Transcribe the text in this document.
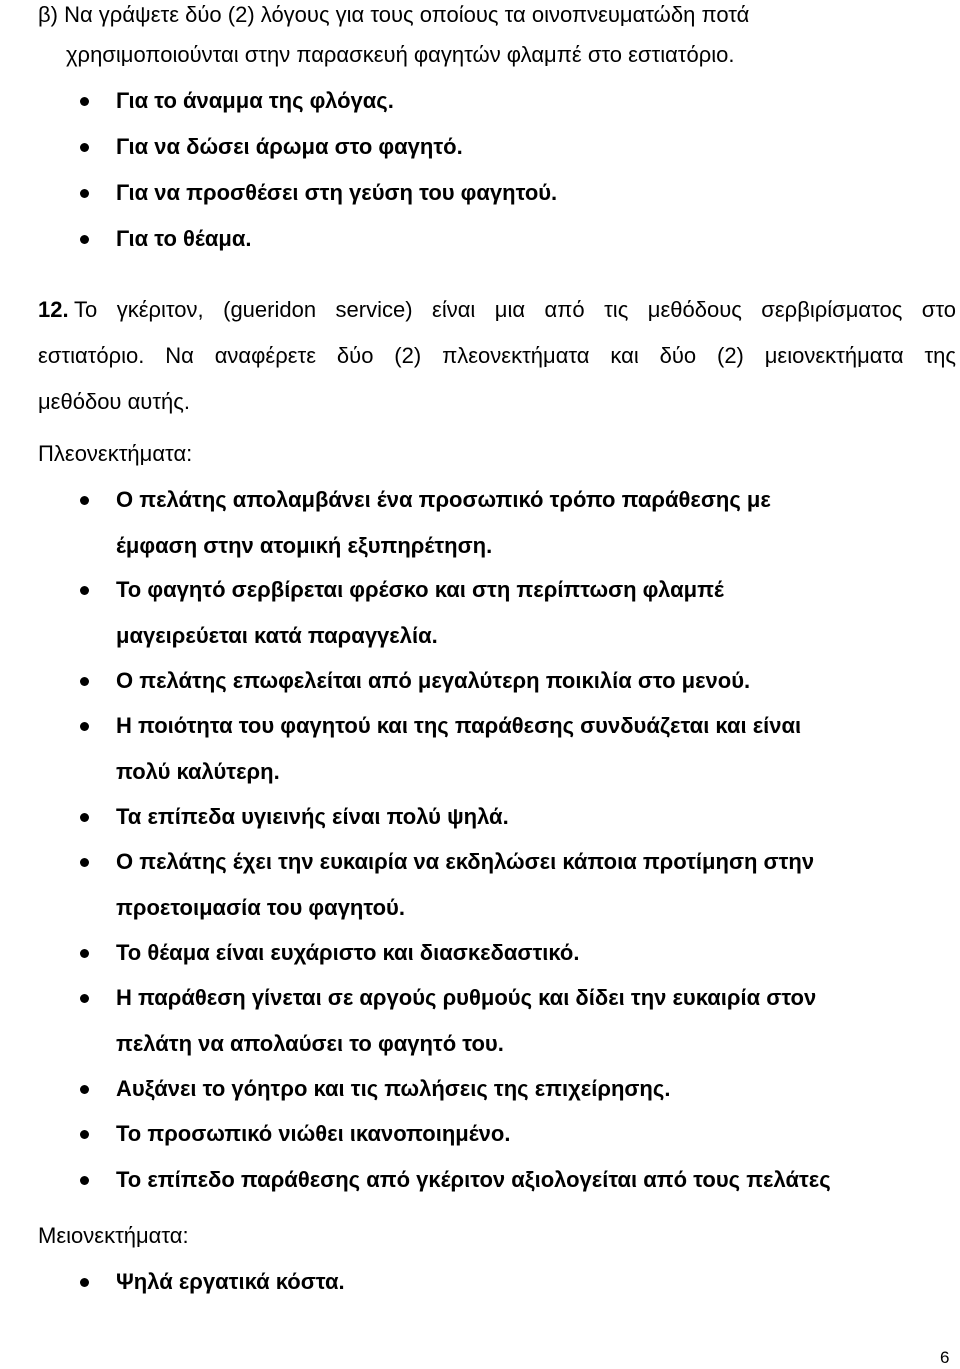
β) Να γράψετε δύο (2) λόγους για τους οποίους τα οινοπνευματώδη ποτά
χρησιμοποιούνται στην παρασκευή φαγητών φλαμπέ στο εστιατόριο.
Για το άναμμα της φλόγας.
Για να δώσει άρωμα στο φαγητό.
Για να προσθέσει στη γεύση του φαγητού.
Για το θέαμα.
12. Το γκέριτον, (gueridon service) είναι μια από τις μεθόδους σερβιρίσματος στο
εστιατόριο. Να αναφέρετε δύο (2) πλεονεκτήματα και δύο (2) μειονεκτήματα της
μεθόδου αυτής.
Πλεονεκτήματα:
Ο πελάτης απολαμβάνει ένα προσωπικό τρόπο παράθεσης με
έμφαση στην ατομική εξυπηρέτηση.
Το φαγητό σερβίρεται φρέσκο και στη περίπτωση φλαμπέ
μαγειρεύεται κατά παραγγελία.
Ο πελάτης επωφελείται από μεγαλύτερη ποικιλία στο μενού.
Η ποιότητα του φαγητού και της παράθεσης συνδυάζεται και είναι
πολύ καλύτερη.
Τα επίπεδα υγιεινής είναι πολύ ψηλά.
Ο πελάτης έχει την ευκαιρία να εκδηλώσει κάποια προτίμηση στην
προετοιμασία του φαγητού.
Το θέαμα είναι ευχάριστο και διασκεδαστικό.
Η παράθεση γίνεται σε αργούς ρυθμούς και δίδει την ευκαιρία στον
πελάτη να απολαύσει το φαγητό του.
Αυξάνει το γόητρο και τις πωλήσεις της επιχείρησης.
Το προσωπικό νιώθει ικανοποιημένο.
Το επίπεδο παράθεσης από γκέριτον αξιολογείται από τους πελάτες
Μειονεκτήματα:
Ψηλά εργατικά κόστα.
6
